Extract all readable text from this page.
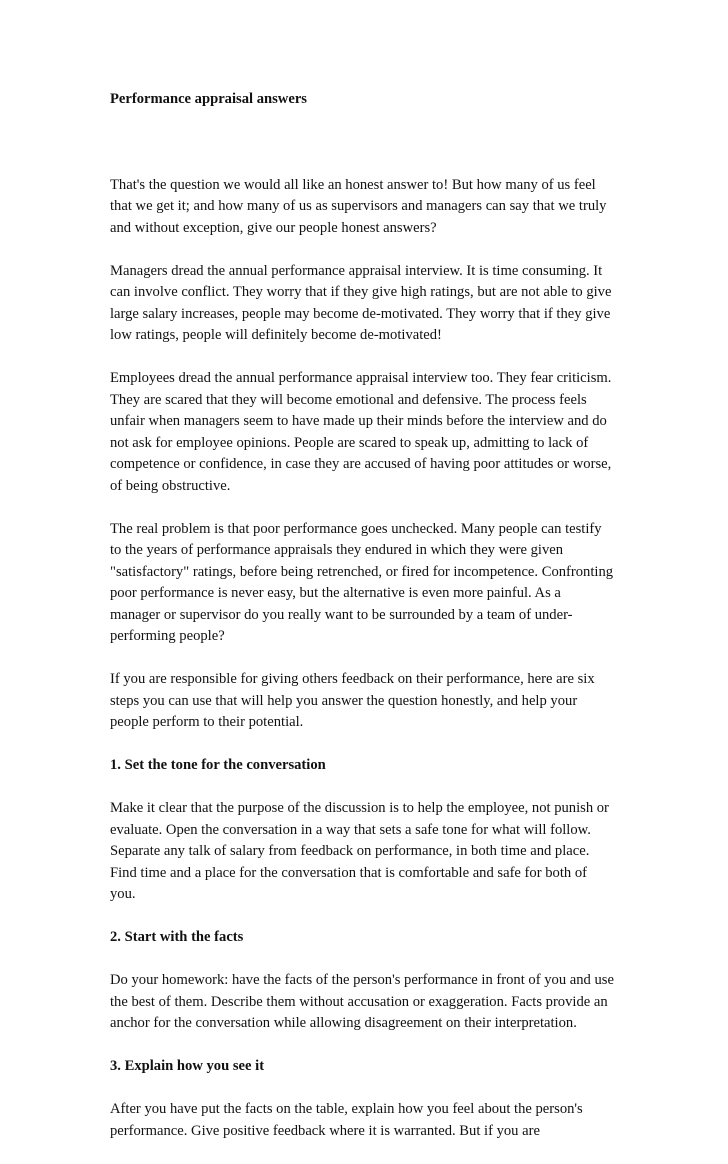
Performance appraisal answers

That's the question we would all like an honest answer to! But how many of us feel
that we get it; and how many of us as supervisors and managers can say that we truly
and without exception, give our people honest answers?

Managers dread the annual performance appraisal interview. It is time consuming. It
can involve conflict. They worry that if they give high ratings, but are not able to give
large salary increases, people may become de-motivated. They worry that if they give
low ratings, people will definitely become de-motivated!

Employees dread the annual performance appraisal interview too. They fear criticism.
They are scared that they will become emotional and defensive. The process feels
unfair when managers seem to have made up their minds before the interview and do
not ask for employee opinions. People are scared to speak up, admitting to lack of
competence or confidence, in case they are accused of having poor attitudes or worse,
of being obstructive.

The real problem is that poor performance goes unchecked. Many people can testify
to the years of performance appraisals they endured in which they were given
"satisfactory" ratings, before being retrenched, or fired for incompetence. Confronting
poor performance is never easy, but the alternative is even more painful. As a
manager or supervisor do you really want to be surrounded by a team of under-
performing people?

If you are responsible for giving others feedback on their performance, here are six
steps you can use that will help you answer the question honestly, and help your
people perform to their potential.

1. Set the tone for the conversation

Make it clear that the purpose of the discussion is to help the employee, not punish or
evaluate. Open the conversation in a way that sets a safe tone for what will follow.
Separate any talk of salary from feedback on performance, in both time and place.
Find time and a place for the conversation that is comfortable and safe for both of
you.

2. Start with the facts

Do your homework: have the facts of the person's performance in front of you and use
the best of them. Describe them without accusation or exaggeration. Facts provide an
anchor for the conversation while allowing disagreement on their interpretation.

3. Explain how you see it

After you have put the facts on the table, explain how you feel about the person's
performance. Give positive feedback where it is warranted. But if you are
